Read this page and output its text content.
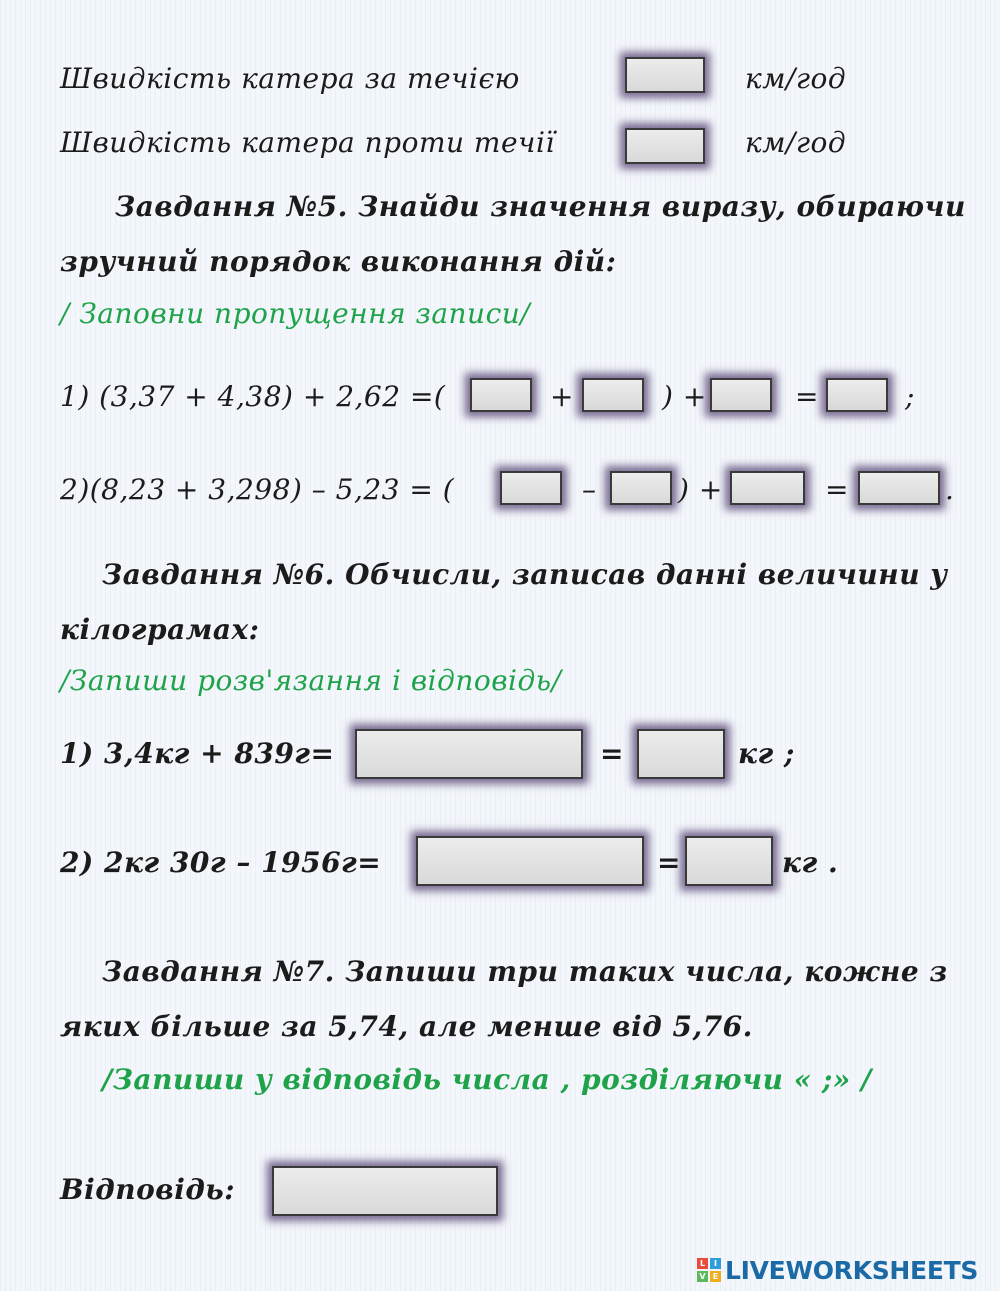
Швидкість катера за течією	км/год
Швидкість катера проти течії	км/год
Завдання №5. Знайди значення виразу, обираючи
зручний порядок виконання дій:
/ Заповни пропущення записи/
1) (3,37 + 4,38) + 2,62 =(	+	) +	=	;
2)(8,23 + 3,298) – 5,23 = (	–	) +	=	.
Завдання №6. Обчисли, записав данні величини у
кілограмах:
/Запиши розв'язання і відповідь/
1) 3,4кг + 839г=	=	кг ;
2) 2кг 30г – 1956г=	=	кг .
Завдання №7. Запиши три таких числа, кожне з
яких більше за 5,74, але менше від 5,76.
/Запиши у відповідь числа , розділяючи « ;» /
Відповідь:
L	I
V E LIVEWORKSHEETS
